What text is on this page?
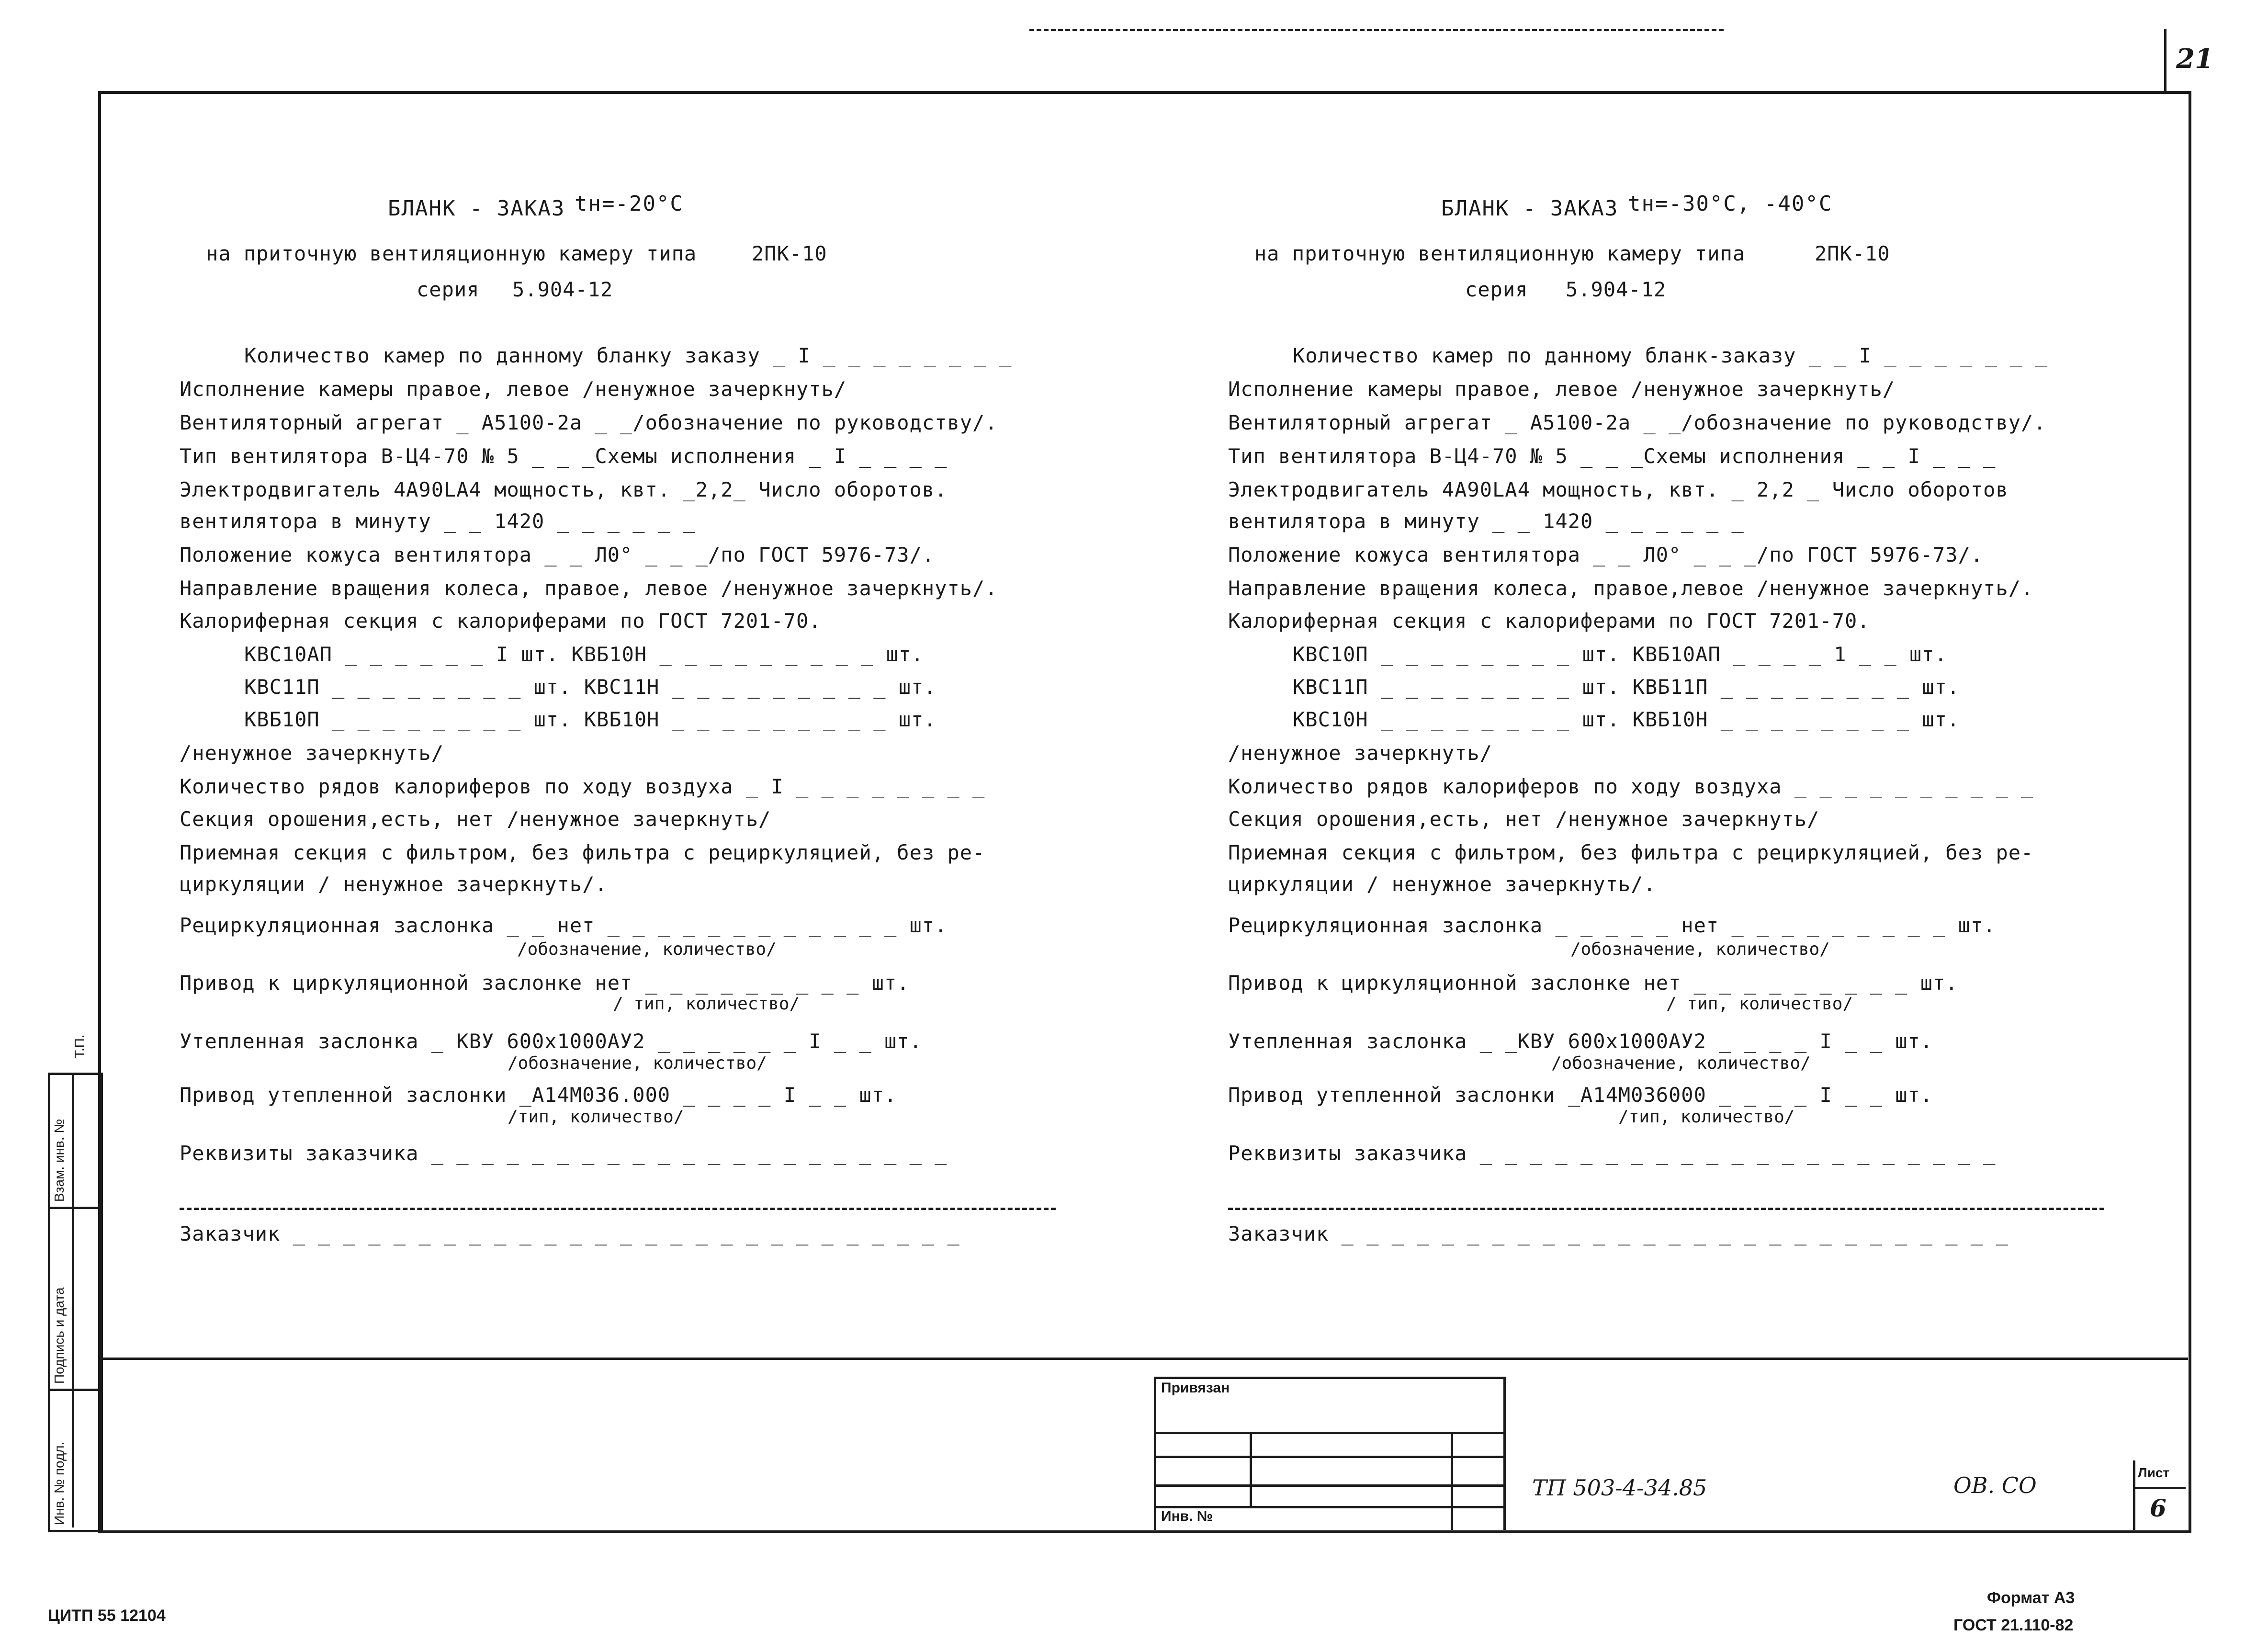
21
БЛАНК - ЗАКАЗ tн=-20°C
на приточную вентиляционную камеру типа	2ПК-10
серия 5.904-12
Количество камер по данному бланку заказу _ I _ _ _ _ _ _ _ _
Исполнение камеры правое, левое /ненужное зачеркнуть/
Вентиляторный агрегат _ А5100-2а _ _/обозначение по руководству/.
Тип вентилятора В-Ц4-70 № 5 _ _ _Схемы исполнения _ I _ _ _ _
Электродвигатель 4А90LА4 мощность, квт. _2,2_ Число оборотов.
вентилятора в минуту _ _ 1420 _ _ _ _ _ _
Положение кожуса вентилятора _ _ Л0° _ _ _/по ГОСТ 5976-73/.
Направление вращения колеса, правое, левое /ненужное зачеркнуть/.
Калориферная секция с калориферами по ГОСТ 7201-70.
КВС10АП _ _ _ _ _ _ I шт. КВБ10Н _ _ _ _ _ _ _ _ _ шт.
КВС11П _ _ _ _ _ _ _ _ шт. КВС11Н _ _ _ _ _ _ _ _ _ шт.
КВБ10П _ _ _ _ _ _ _ _ шт. КВБ10Н _ _ _ _ _ _ _ _ _ шт.
/ненужное зачеркнуть/
Количество рядов калориферов по ходу воздуха _ I _ _ _ _ _ _ _ _
Секция орошения,есть, нет /ненужное зачеркнуть/
Приемная секция с фильтром, без фильтра с рециркуляцией, без ре-
циркуляции / ненужное зачеркнуть/.
Рециркуляционная заслонка _ _ нет _ _ _ _ _ _ _ _ _ _ _ _ шт.
/обозначение, количество/
Привод к циркуляционной заслонке нет _ _ _ _ _ _ _ _ _ шт.
/ тип, количество/
Утепленная заслонка _ КВУ 600х1000АУ2 _ _ _ _ _ _ I _ _ шт.
/обозначение, количество/
Привод утепленной заслонки _А14М036.000 _ _ _ _ I _ _ шт.
/тип, количество/
Реквизиты заказчика _ _ _ _ _ _ _ _ _ _ _ _ _ _ _ _ _ _ _ _ _
Заказчик _ _ _ _ _ _ _ _ _ _ _ _ _ _ _ _ _ _ _ _ _ _ _ _ _ _ _
БЛАНК - ЗАКАЗ tн=-30°C, -40°C
на приточную вентиляционную камеру типа	2ПК-10
серия 5.904-12
Количество камер по данному бланк-заказу _ _ I _ _ _ _ _ _ _
Исполнение камеры правое, левое /ненужное зачеркнуть/
Вентиляторный агрегат _ А5100-2а _ _/обозначение по руководству/.
Тип вентилятора В-Ц4-70 № 5 _ _ _Схемы исполнения _ _ I _ _ _
Электродвигатель 4А90LА4 мощность, квт. _ 2,2 _ Число оборотов
вентилятора в минуту _ _ 1420 _ _ _ _ _ _
Положение кожуса вентилятора _ _ Л0° _ _ _/по ГОСТ 5976-73/.
Направление вращения колеса, правое,левое /ненужное зачеркнуть/.
Калориферная секция с калориферами по ГОСТ 7201-70.
КВС10П _ _ _ _ _ _ _ _ шт. КВБ10АП _ _ _ _ 1 _ _ шт.
КВС11П _ _ _ _ _ _ _ _ шт. КВБ11П _ _ _ _ _ _ _ _ шт.
КВС10Н _ _ _ _ _ _ _ _ шт. КВБ10Н _ _ _ _ _ _ _ _ шт.
/ненужное зачеркнуть/
Количество рядов калориферов по ходу воздуха _ _ _ _ _ _ _ _ _ _
Секция орошения,есть, нет /ненужное зачеркнуть/
Приемная секция с фильтром, без фильтра с рециркуляцией, без ре-
циркуляции / ненужное зачеркнуть/.
Рециркуляционная заслонка _ _ _ _ _ нет _ _ _ _ _ _ _ _ _ шт.
/обозначение, количество/
Привод к циркуляционной заслонке нет _ _ _ _ _ _ _ _ _ шт.
/ тип, количество/
Утепленная заслонка _ _КВУ 600х1000АУ2 _ _ _ _ I _ _ шт.
/обозначение, количество/
Привод утепленной заслонки _А14М036000 _ _ _ _ I _ _ шт.
/тип, количество/
Реквизиты заказчика _ _ _ _ _ _ _ _ _ _ _ _ _ _ _ _ _ _ _ _ _
Заказчик _ _ _ _ _ _ _ _ _ _ _ _ _ _ _ _ _ _ _ _ _ _ _ _ _ _ _
Привязан
Инв. №
ТП 503-4-34.85	ОВ. СО	Лист
6
Инв. № подл.
Подпись и дата
Взам. инв. №
Т.П.
ЦИТП 55 12104
Формат А3
ГОСТ 21.110-82
